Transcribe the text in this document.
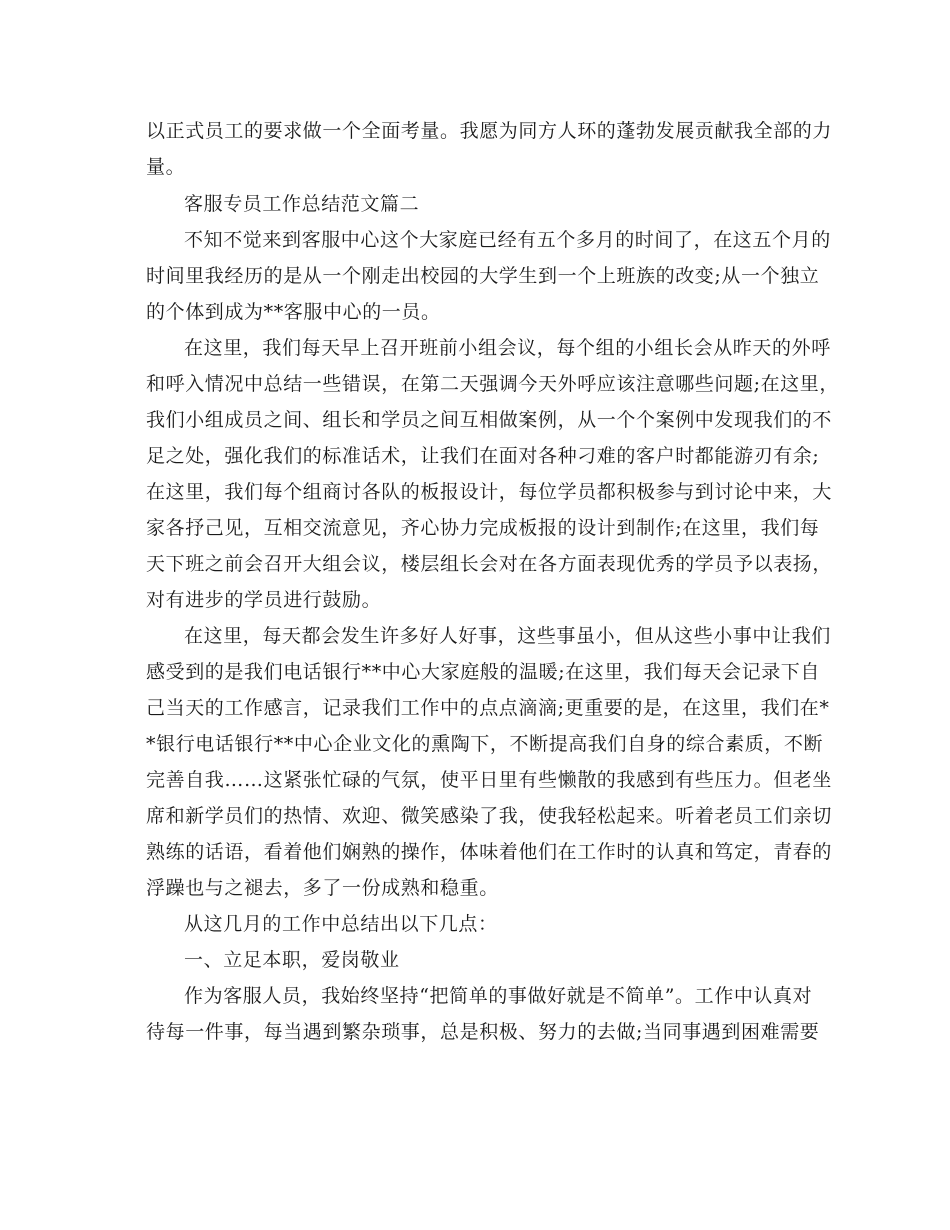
以正式员工的要求做一个全面考量。我愿为同方人环的蓬勃发展贡献我全部的力
量。
客服专员工作总结范文篇二
不知不觉来到客服中心这个大家庭已经有五个多月的时间了，在这五个月的
时间里我经历的是从一个刚走出校园的大学生到一个上班族的改变;从一个独立
的个体到成为**客服中心的一员。
在这里，我们每天早上召开班前小组会议，每个组的小组长会从昨天的外呼
和呼入情况中总结一些错误，在第二天强调今天外呼应该注意哪些问题;在这里，
我们小组成员之间、组长和学员之间互相做案例，从一个个案例中发现我们的不
足之处，强化我们的标准话术，让我们在面对各种刁难的客户时都能游刃有余;
在这里，我们每个组商讨各队的板报设计，每位学员都积极参与到讨论中来，大
家各抒己见，互相交流意见，齐心协力完成板报的设计到制作;在这里，我们每
天下班之前会召开大组会议，楼层组长会对在各方面表现优秀的学员予以表扬，
对有进步的学员进行鼓励。
在这里，每天都会发生许多好人好事，这些事虽小，但从这些小事中让我们
感受到的是我们电话银行**中心大家庭般的温暖;在这里，我们每天会记录下自
己当天的工作感言，记录我们工作中的点点滴滴;更重要的是，在这里，我们在*
*银行电话银行**中心企业文化的熏陶下，不断提高我们自身的综合素质，不断
完善自我……这紧张忙碌的气氛，使平日里有些懒散的我感到有些压力。但老坐
席和新学员们的热情、欢迎、微笑感染了我，使我轻松起来。听着老员工们亲切
熟练的话语，看着他们娴熟的操作，体味着他们在工作时的认真和笃定，青春的
浮躁也与之褪去，多了一份成熟和稳重。
从这几月的工作中总结出以下几点：
一、立足本职，爱岗敬业
作为客服人员，我始终坚持“把简单的事做好就是不简单”。工作中认真对
待每一件事，每当遇到繁杂琐事，总是积极、努力的去做;当同事遇到困难需要
